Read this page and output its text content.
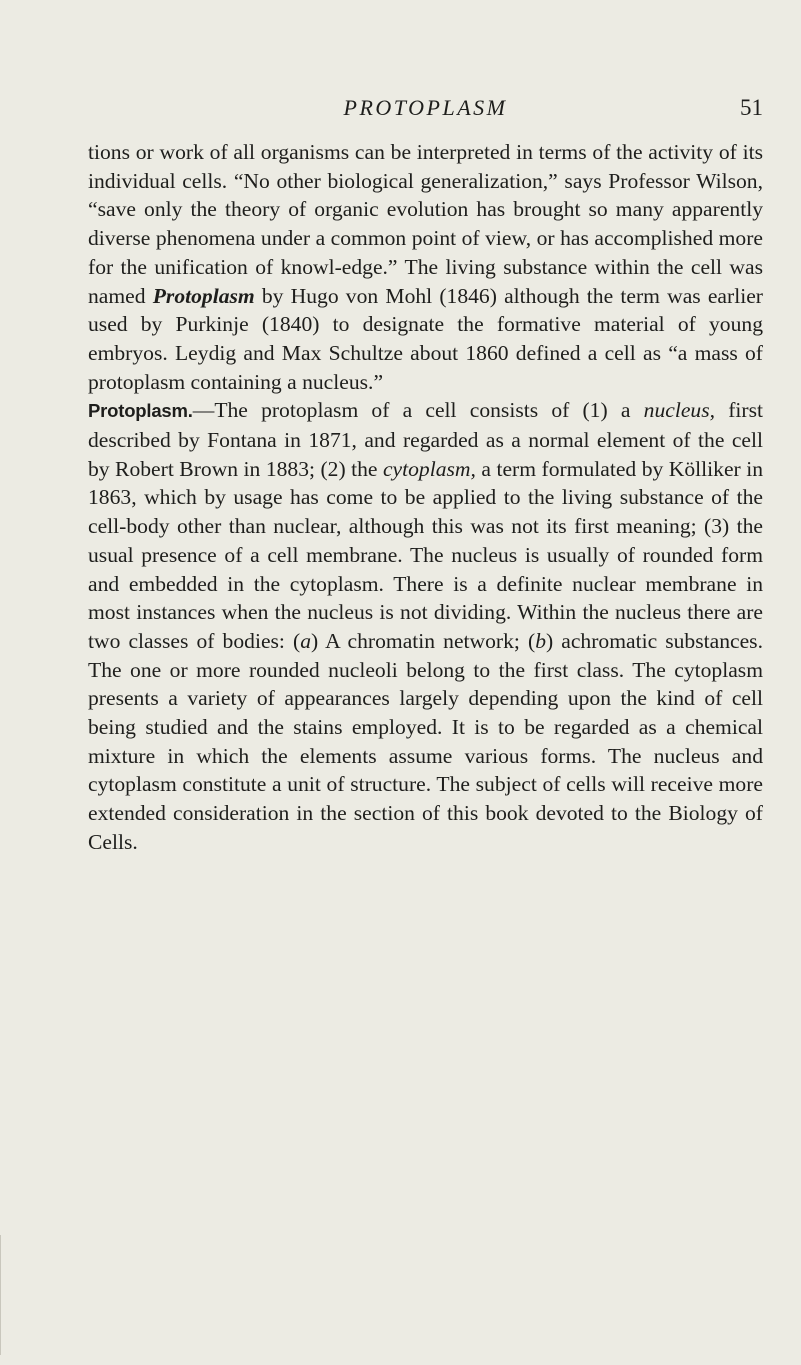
PROTOPLASM	51

tions or work of all organisms can be interpreted in terms of the activity of its individual cells. “No other biological generalization,” says Professor Wilson, “save only the theory of organic evolution has brought so many apparently diverse phenomena under a common point of view, or has accomplished more for the unification of knowl-edge.” The living substance within the cell was named Protoplasm by Hugo von Mohl (1846) although the term was earlier used by Purkinje (1840) to designate the formative material of young embryos. Leydig and Max Schultze about 1860 defined a cell as “a mass of protoplasm containing a nucleus.”

Protoplasm.—The protoplasm of a cell consists of (1) a nucleus, first described by Fontana in 1871, and regarded as a normal element of the cell by Robert Brown in 1883; (2) the cytoplasm, a term formulated by Kölliker in 1863, which by usage has come to be applied to the living substance of the cell-body other than nuclear, although this was not its first meaning; (3) the usual presence of a cell membrane. The nucleus is usually of rounded form and embedded in the cytoplasm. There is a definite nuclear membrane in most instances when the nucleus is not dividing. Within the nucleus there are two classes of bodies: (a) A chromatin network; (b) achromatic substances. The one or more rounded nucleoli belong to the first class. The cytoplasm presents a variety of appearances largely depending upon the kind of cell being studied and the stains employed. It is to be regarded as a chemical mixture in which the elements assume various forms. The nucleus and cytoplasm constitute a unit of structure. The subject of cells will receive more extended consideration in the section of this book devoted to the Biology of Cells.
